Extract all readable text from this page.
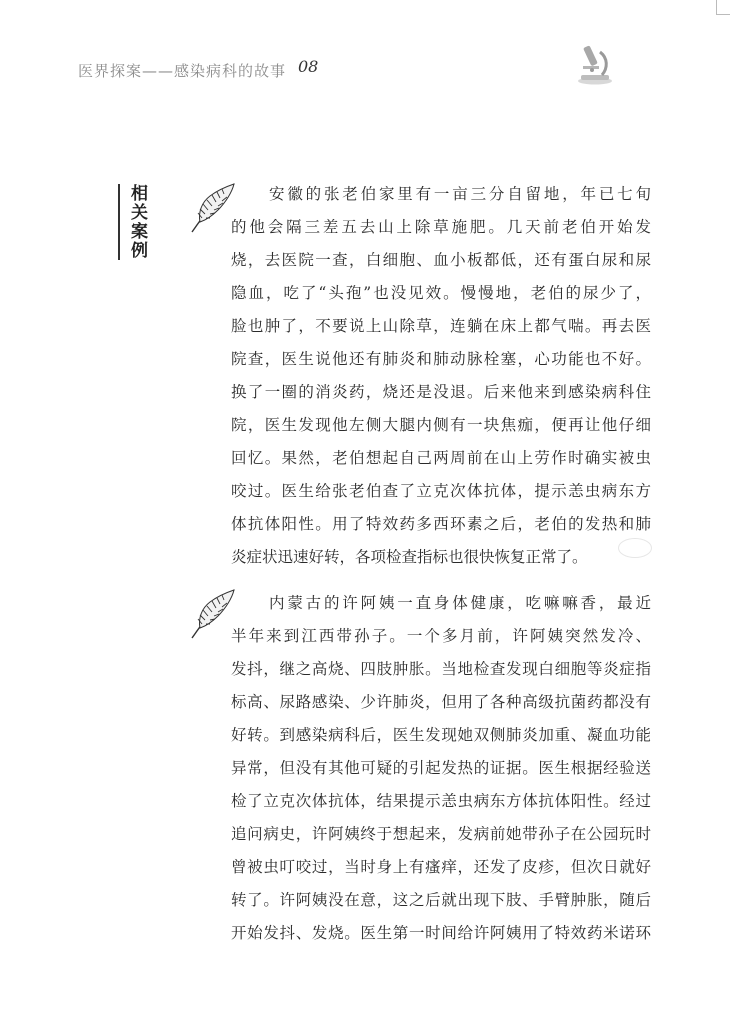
医界探案——感染病科的故事 08
相关案例	安徽的张老伯家里有一亩三分自留地，年已七旬
的他会隔三差五去山上除草施肥。几天前老伯开始发
烧，去医院一查，白细胞、血小板都低，还有蛋白尿和尿
隐血，吃了“头孢”也没见效。慢慢地，老伯的尿少了，
脸也肿了，不要说上山除草，连躺在床上都气喘。再去医
院查，医生说他还有肺炎和肺动脉栓塞，心功能也不好。
换了一圈的消炎药，烧还是没退。后来他来到感染病科住
院，医生发现他左侧大腿内侧有一块焦痂，便再让他仔细
回忆。果然，老伯想起自己两周前在山上劳作时确实被虫
咬过。医生给张老伯查了立克次体抗体，提示恙虫病东方
体抗体阳性。用了特效药多西环素之后，老伯的发热和肺
炎症状迅速好转，各项检查指标也很快恢复正常了。
内蒙古的许阿姨一直身体健康，吃嘛嘛香，最近
半年来到江西带孙子。一个多月前，许阿姨突然发冷、
发抖，继之高烧、四肢肿胀。当地检查发现白细胞等炎症指
标高、尿路感染、少许肺炎，但用了各种高级抗菌药都没有
好转。到感染病科后，医生发现她双侧肺炎加重、凝血功能
异常，但没有其他可疑的引起发热的证据。医生根据经验送
检了立克次体抗体，结果提示恙虫病东方体抗体阳性。经过
追问病史，许阿姨终于想起来，发病前她带孙子在公园玩时
曾被虫叮咬过，当时身上有瘙痒，还发了皮疹，但次日就好
转了。许阿姨没在意，这之后就出现下肢、手臂肿胀，随后
开始发抖、发烧。医生第一时间给许阿姨用了特效药米诺环
